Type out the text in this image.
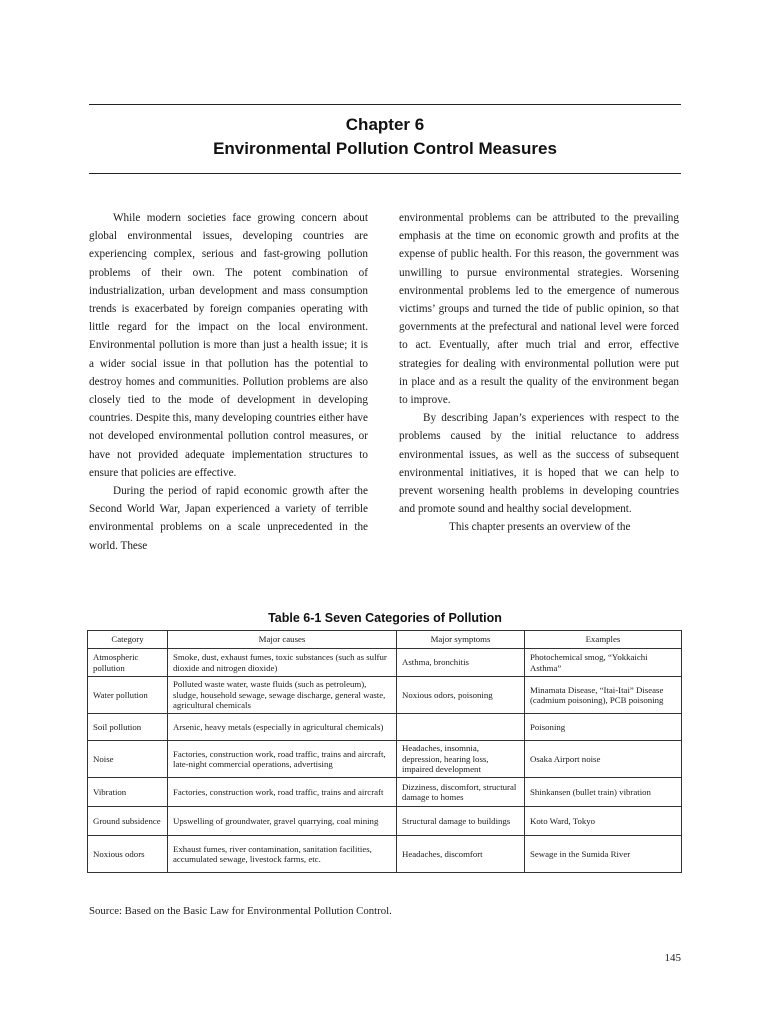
Chapter 6
Environmental Pollution Control Measures

While modern societies face growing concern about global environmental issues, developing countries are experiencing complex, serious and fast-growing pollution problems of their own. The potent combination of industrialization, urban development and mass consumption trends is exacerbated by foreign companies operating with little regard for the impact on the local environment. Environmental pollution is more than just a health issue; it is a wider social issue in that pollution has the potential to destroy homes and communities. Pollution problems are also closely tied to the mode of development in developing countries. Despite this, many developing countries either have not developed environmental pollution control measures, or have not provided adequate implementation structures to ensure that policies are effective.

During the period of rapid economic growth after the Second World War, Japan experienced a variety of terrible environmental problems on a scale unprecedented in the world. These

environmental problems can be attributed to the prevailing emphasis at the time on economic growth and profits at the expense of public health. For this reason, the government was unwilling to pursue environmental strategies. Worsening environmental problems led to the emergence of numerous victims’ groups and turned the tide of public opinion, so that governments at the prefectural and national level were forced to act. Eventually, after much trial and error, effective strategies for dealing with environmental pollution were put in place and as a result the quality of the environment began to improve.

By describing Japan’s experiences with respect to the problems caused by the initial reluctance to address environmental issues, as well as the success of subsequent environmental initiatives, it is hoped that we can help to prevent worsening health problems in developing countries and promote sound and healthy social development.

This chapter presents an overview of the

Table 6-1 Seven Categories of Pollution
Category	Major causes	Major symptoms	Examples
Atmospheric pollution	Smoke, dust, exhaust fumes, toxic substances (such as sulfur dioxide and nitrogen dioxide)	Asthma, bronchitis	Photochemical smog, “Yokkaichi Asthma”
Water pollution	Polluted waste water, waste fluids (such as petroleum), sludge, household sewage, sewage discharge, general waste, agricultural chemicals	Noxious odors, poisoning	Minamata Disease, “Itai-Itai” Disease (cadmium poisoning), PCB poisoning
Soil pollution	Arsenic, heavy metals (especially in agricultural chemicals)		Poisoning
Noise	Factories, construction work, road traffic, trains and aircraft, late-night commercial operations, advertising	Headaches, insomnia, depression, hearing loss, impaired development	Osaka Airport noise
Vibration	Factories, construction work, road traffic, trains and aircraft	Dizziness, discomfort, structural damage to homes	Shinkansen (bullet train) vibration
Ground subsidence	Upswelling of groundwater, gravel quarrying, coal mining	Structural damage to buildings	Koto Ward, Tokyo
Noxious odors	Exhaust fumes, river contamination, sanitation facilities, accumulated sewage, livestock farms, etc.	Headaches, discomfort	Sewage in the Sumida River
Source: Based on the Basic Law for Environmental Pollution Control.
145
